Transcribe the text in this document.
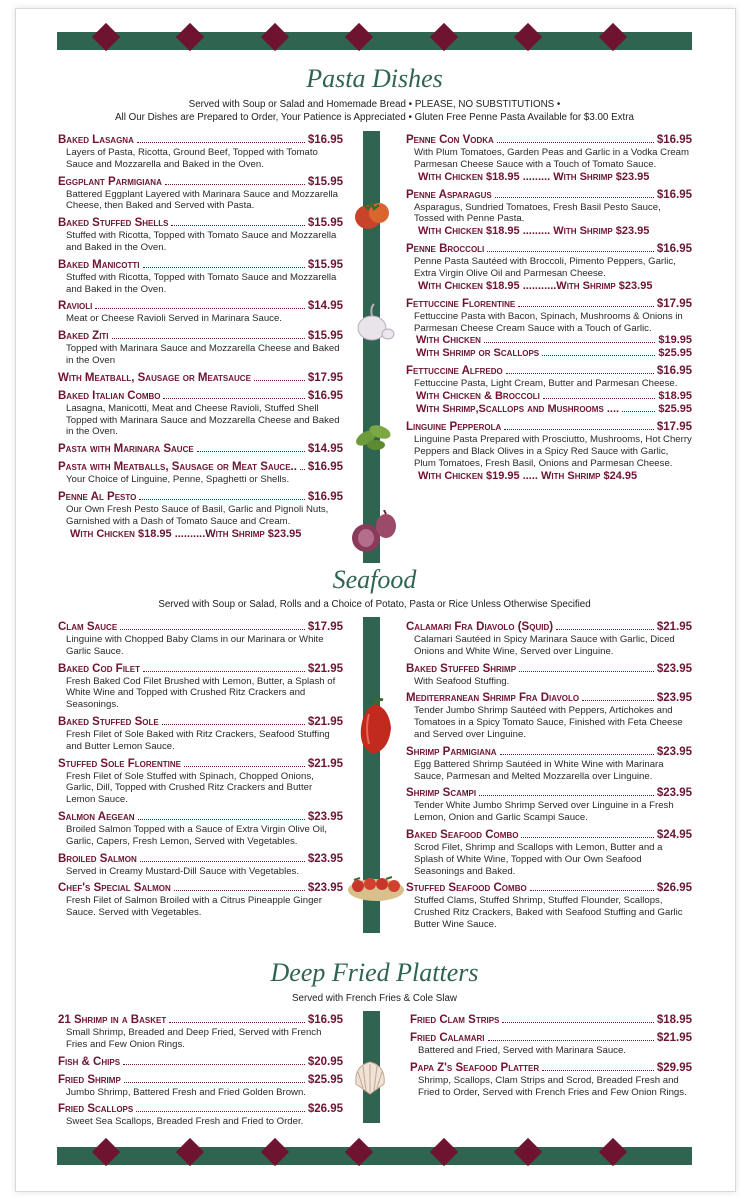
Pasta Dishes
Served with Soup or Salad and Homemade Bread • PLEASE, NO SUBSTITUTIONS •
All Our Dishes are Prepared to Order, Your Patience is Appreciated • Gluten Free Penne Pasta Available for $3.00 Extra
Baked Lasagna	$16.95
Layers of Pasta, Ricotta, Ground Beef, Topped with Tomato Sauce and Mozzarella and Baked in the Oven.
Eggplant Parmigiana	$15.95
Battered Eggplant Layered with Marinara Sauce and Mozzarella Cheese, then Baked and Served with Pasta.
Baked Stuffed Shells	$15.95
Stuffed with Ricotta, Topped with Tomato Sauce and Mozzarella and Baked in the Oven.
Baked Manicotti	$15.95
Stuffed with Ricotta, Topped with Tomato Sauce and Mozzarella and Baked in the Oven.
Ravioli	$14.95
Meat or Cheese Ravioli Served in Marinara Sauce.
Baked Ziti	$15.95
Topped with Marinara Sauce and Mozzarella Cheese and Baked in the Oven
With Meatball, Sausage or Meatsauce	$17.95
Baked Italian Combo	$16.95
Lasagna, Manicotti, Meat and Cheese Ravioli, Stuffed Shell Topped with Marinara Sauce and Mozzarella Cheese and Baked in the Oven.
Pasta with Marinara Sauce	$14.95
Pasta with Meatballs, Sausage or Meat Sauce.. $16.95
Your Choice of Linguine, Penne, Spaghetti or Shells.
Penne Al Pesto	$16.95
Our Own Fresh Pesto Sauce of Basil, Garlic and Pignoli Nuts, Garnished with a Dash of Tomato Sauce and Cream.
With Chicken $18.95 ..........With Shrimp $23.95
Penne Con Vodka	$16.95
With Plum Tomatoes, Garden Peas and Garlic in a Vodka Cream Parmesan Cheese Sauce with a Touch of Tomato Sauce.
With Chicken $18.95 ......... With Shrimp $23.95
Penne Asparagus	$16.95
Asparagus, Sundried Tomatoes, Fresh Basil Pesto Sauce, Tossed with Penne Pasta.
With Chicken $18.95 ......... With Shrimp $23.95
Penne Broccoli	$16.95
Penne Pasta Sautéed with Broccoli, Pimento Peppers, Garlic, Extra Virgin Olive Oil and Parmesan Cheese.
With Chicken $18.95 ...........With Shrimp $23.95
Fettuccine Florentine	$17.95
Fettuccine Pasta with Bacon, Spinach, Mushrooms & Onions in Parmesan Cheese Cream Sauce with a Touch of Garlic.
With Chicken	$19.95
With Shrimp or Scallops	$25.95
Fettuccine Alfredo	$16.95
Fettuccine Pasta, Light Cream, Butter and Parmesan Cheese.
With Chicken & Broccoli	$18.95
With Shrimp,Scallops and Mushrooms ....	$25.95
Linguine Pepperola	$17.95
Linguine Pasta Prepared with Prosciutto, Mushrooms, Hot Cherry Peppers and Black Olives in a Spicy Red Sauce with Garlic, Plum Tomatoes, Fresh Basil, Onions and Parmesan Cheese.
With Chicken $19.95 ..... With Shrimp $24.95
Seafood
Served with Soup or Salad, Rolls and a Choice of Potato, Pasta or Rice Unless Otherwise Specified
Clam Sauce	$17.95
Linguine with Chopped Baby Clams in our Marinara or White Garlic Sauce.
Baked Cod Filet	$21.95
Fresh Baked Cod Filet Brushed with Lemon, Butter, a Splash of White Wine and Topped with Crushed Ritz Crackers and Seasonings.
Baked Stuffed Sole	$21.95
Fresh Filet of Sole Baked with Ritz Crackers, Seafood Stuffing and Butter Lemon Sauce.
Stuffed Sole Florentine	$21.95
Fresh Filet of Sole Stuffed with Spinach, Chopped Onions, Garlic, Dill, Topped with Crushed Ritz Crackers and Butter Lemon Sauce.
Salmon Aegean	$23.95
Broiled Salmon Topped with a Sauce of Extra Virgin Olive Oil, Garlic, Capers, Fresh Lemon, Served with Vegetables.
Broiled Salmon	$23.95
Served in Creamy Mustard-Dill Sauce with Vegetables.
Chef's Special Salmon	$23.95
Fresh Filet of Salmon Broiled with a Citrus Pineapple Ginger Sauce. Served with Vegetables.
Calamari Fra Diavolo (Squid)	$21.95
Calamari Sautéed in Spicy Marinara Sauce with Garlic, Diced Onions and White Wine, Served over Linguine.
Baked Stuffed Shrimp	$23.95
With Seafood Stuffing.
Mediterranean Shrimp Fra Diavolo	$23.95
Tender Jumbo Shrimp Sautéed with Peppers, Artichokes and Tomatoes in a Spicy Tomato Sauce, Finished with Feta Cheese and Served over Linguine.
Shrimp Parmigiana	$23.95
Egg Battered Shrimp Sautéed in White Wine with Marinara Sauce, Parmesan and Melted Mozzarella over Linguine.
Shrimp Scampi	$23.95
Tender White Jumbo Shrimp Served over Linguine in a Fresh Lemon, Onion and Garlic Scampi Sauce.
Baked Seafood Combo	$24.95
Scrod Filet, Shrimp and Scallops with Lemon, Butter and a Splash of White Wine, Topped with Our Own Seafood Seasonings and Baked.
Stuffed Seafood Combo	$26.95
Stuffed Clams, Stuffed Shrimp, Stuffed Flounder, Scallops, Crushed Ritz Crackers, Baked with Seafood Stuffing and Garlic Butter Wine Sauce.
Deep Fried Platters
Served with French Fries & Cole Slaw
21 Shrimp in a Basket	$16.95
Small Shrimp, Breaded and Deep Fried, Served with French Fries and Few Onion Rings.
Fish & Chips	$20.95
Fried Shrimp	$25.95
Jumbo Shrimp, Battered Fresh and Fried Golden Brown.
Fried Scallops	$26.95
Sweet Sea Scallops, Breaded Fresh and Fried to Order.
Fried Clam Strips	$18.95
Fried Calamari	$21.95
Battered and Fried, Served with Marinara Sauce.
Papa Z's Seafood Platter	$29.95
Shrimp, Scallops, Clam Strips and Scrod, Breaded Fresh and Fried to Order, Served with French Fries and Few Onion Rings.
